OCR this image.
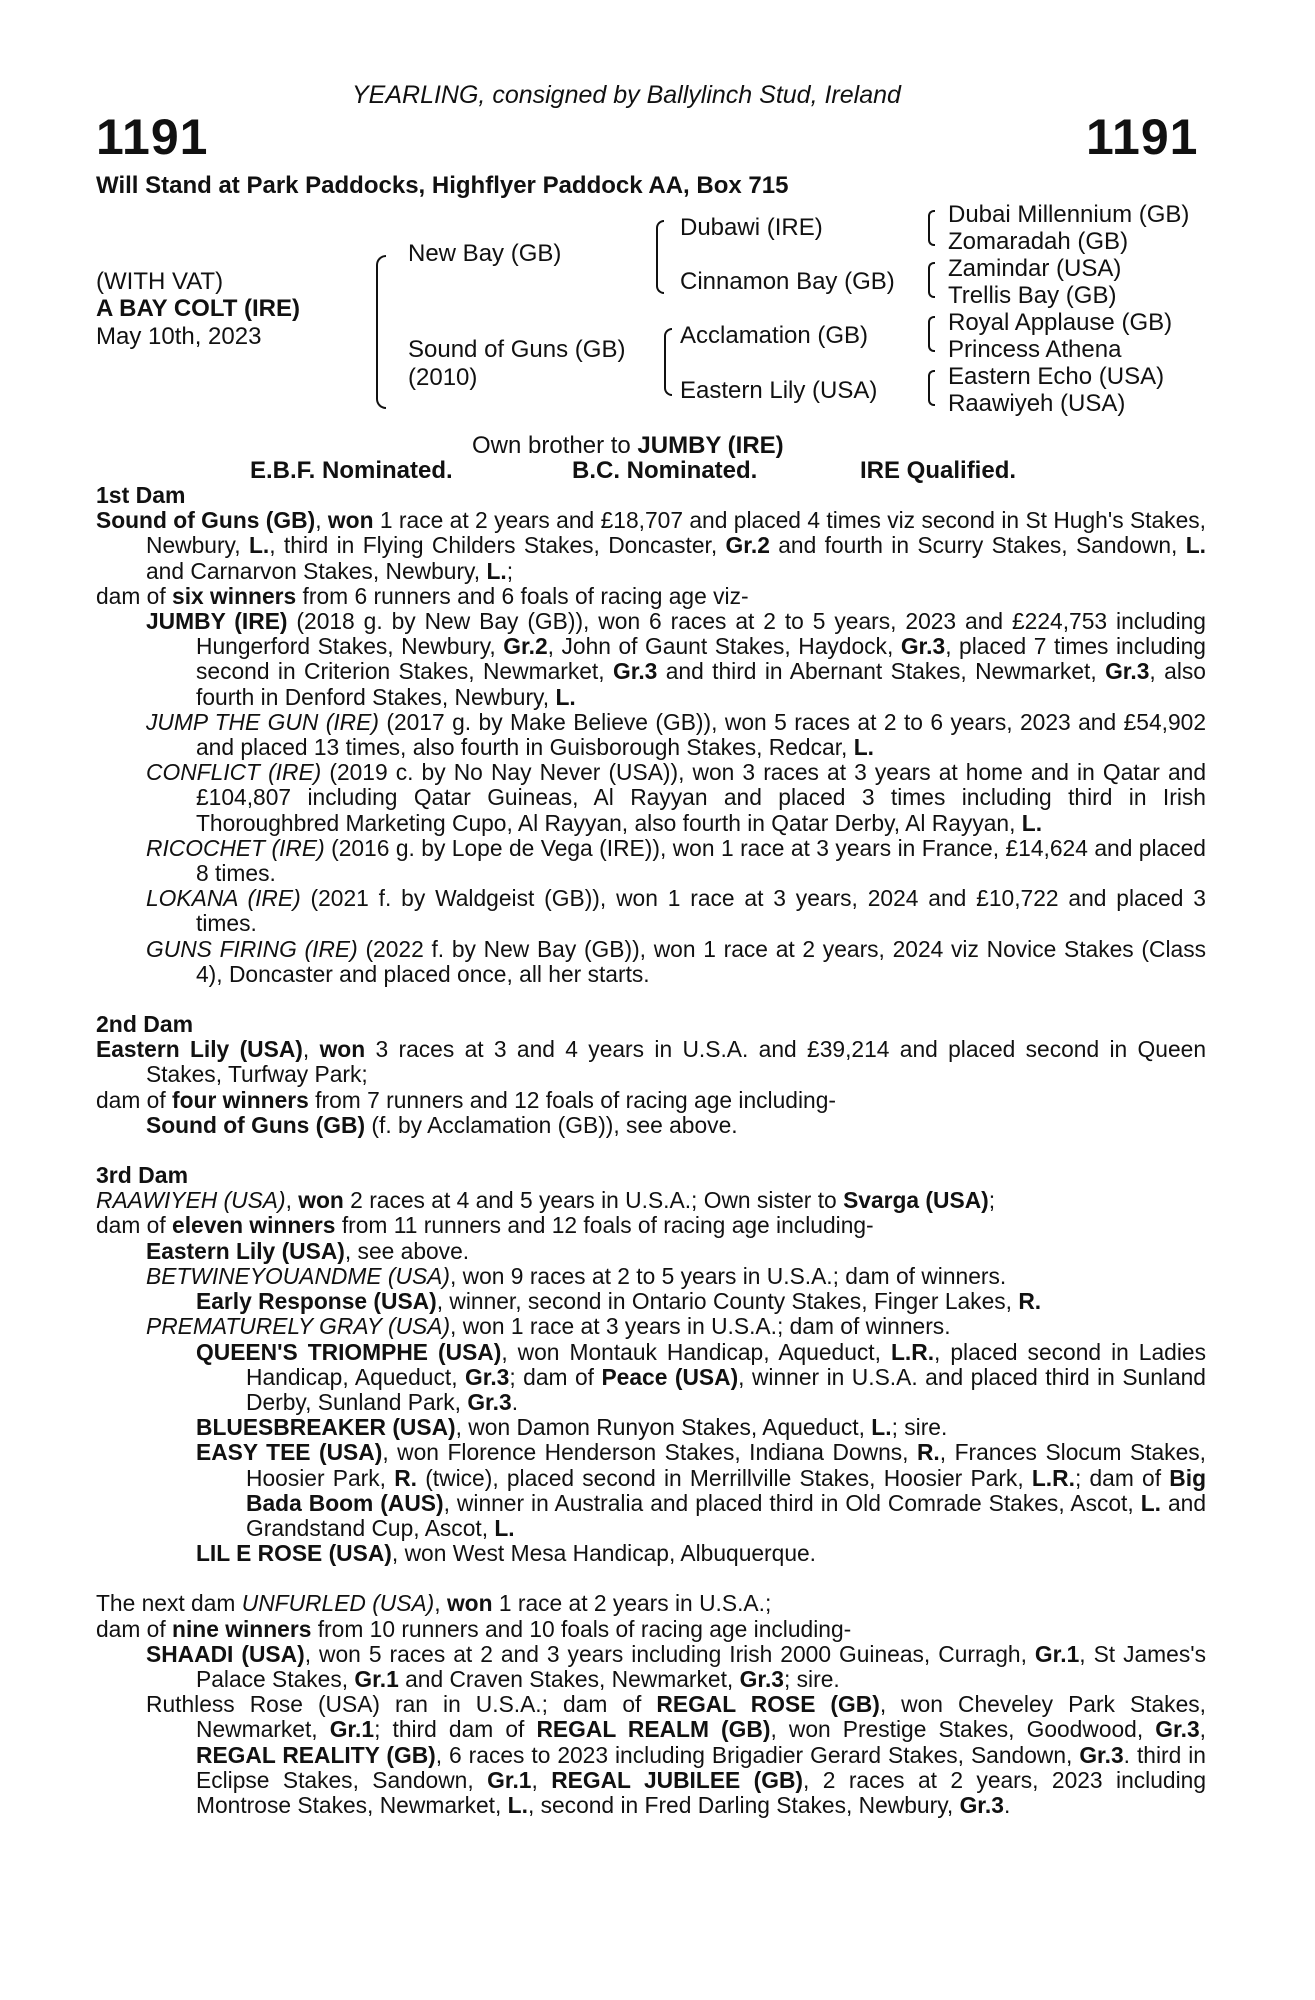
1191	1191
YEARLING, consigned by Ballylinch Stud, Ireland
Will Stand at Park Paddocks, Highflyer Paddock AA, Box 715
(WITH VAT)
A BAY COLT (IRE)
May 10th, 2023
New Bay (GB)
Sound of Guns (GB)
(2010)
Dubawi (IRE)
Cinnamon Bay (GB)
Acclamation (GB)
Eastern Lily (USA)
Dubai Millennium (GB)
Zomaradah (GB)
Zamindar (USA)
Trellis Bay (GB)
Royal Applause (GB)
Princess Athena
Eastern Echo (USA)
Raawiyeh (USA)
Own brother to JUMBY (IRE)
E.B.F. Nominated.	B.C. Nominated.	IRE Qualified.
1st Dam
Sound of Guns (GB), won 1 race at 2 years and £18,707 and placed 4 times viz second in St Hugh's Stakes, Newbury, L., third in Flying Childers Stakes, Doncaster, Gr.2 and fourth in Scurry Stakes, Sandown, L. and Carnarvon Stakes, Newbury, L.;
dam of six winners from 6 runners and 6 foals of racing age viz-
JUMBY (IRE) (2018 g. by New Bay (GB)), won 6 races at 2 to 5 years, 2023 and £224,753 including Hungerford Stakes, Newbury, Gr.2, John of Gaunt Stakes, Haydock, Gr.3, placed 7 times including second in Criterion Stakes, Newmarket, Gr.3 and third in Abernant Stakes, Newmarket, Gr.3, also fourth in Denford Stakes, Newbury, L.
JUMP THE GUN (IRE) (2017 g. by Make Believe (GB)), won 5 races at 2 to 6 years, 2023 and £54,902 and placed 13 times, also fourth in Guisborough Stakes, Redcar, L.
CONFLICT (IRE) (2019 c. by No Nay Never (USA)), won 3 races at 3 years at home and in Qatar and £104,807 including Qatar Guineas, Al Rayyan and placed 3 times including third in Irish Thoroughbred Marketing Cupo, Al Rayyan, also fourth in Qatar Derby, Al Rayyan, L.
RICOCHET (IRE) (2016 g. by Lope de Vega (IRE)), won 1 race at 3 years in France, £14,624 and placed 8 times.
LOKANA (IRE) (2021 f. by Waldgeist (GB)), won 1 race at 3 years, 2024 and £10,722 and placed 3 times.
GUNS FIRING (IRE) (2022 f. by New Bay (GB)), won 1 race at 2 years, 2024 viz Novice Stakes (Class 4), Doncaster and placed once, all her starts.
2nd Dam
Eastern Lily (USA), won 3 races at 3 and 4 years in U.S.A. and £39,214 and placed second in Queen Stakes, Turfway Park;
dam of four winners from 7 runners and 12 foals of racing age including-
Sound of Guns (GB) (f. by Acclamation (GB)), see above.
3rd Dam
RAAWIYEH (USA), won 2 races at 4 and 5 years in U.S.A.; Own sister to Svarga (USA);
dam of eleven winners from 11 runners and 12 foals of racing age including-
Eastern Lily (USA), see above.
BETWINEYOUANDME (USA), won 9 races at 2 to 5 years in U.S.A.; dam of winners.
Early Response (USA), winner, second in Ontario County Stakes, Finger Lakes, R.
PREMATURELY GRAY (USA), won 1 race at 3 years in U.S.A.; dam of winners.
QUEEN'S TRIOMPHE (USA), won Montauk Handicap, Aqueduct, L.R., placed second in Ladies Handicap, Aqueduct, Gr.3; dam of Peace (USA), winner in U.S.A. and placed third in Sunland Derby, Sunland Park, Gr.3.
BLUESBREAKER (USA), won Damon Runyon Stakes, Aqueduct, L.; sire.
EASY TEE (USA), won Florence Henderson Stakes, Indiana Downs, R., Frances Slocum Stakes, Hoosier Park, R. (twice), placed second in Merrillville Stakes, Hoosier Park, L.R.; dam of Big Bada Boom (AUS), winner in Australia and placed third in Old Comrade Stakes, Ascot, L. and Grandstand Cup, Ascot, L.
LIL E ROSE (USA), won West Mesa Handicap, Albuquerque.
The next dam UNFURLED (USA), won 1 race at 2 years in U.S.A.;
dam of nine winners from 10 runners and 10 foals of racing age including-
SHAADI (USA), won 5 races at 2 and 3 years including Irish 2000 Guineas, Curragh, Gr.1, St James's Palace Stakes, Gr.1 and Craven Stakes, Newmarket, Gr.3; sire.
Ruthless Rose (USA) ran in U.S.A.; dam of REGAL ROSE (GB), won Cheveley Park Stakes, Newmarket, Gr.1; third dam of REGAL REALM (GB), won Prestige Stakes, Goodwood, Gr.3, REGAL REALITY (GB), 6 races to 2023 including Brigadier Gerard Stakes, Sandown, Gr.3. third in Eclipse Stakes, Sandown, Gr.1, REGAL JUBILEE (GB), 2 races at 2 years, 2023 including Montrose Stakes, Newmarket, L., second in Fred Darling Stakes, Newbury, Gr.3.
